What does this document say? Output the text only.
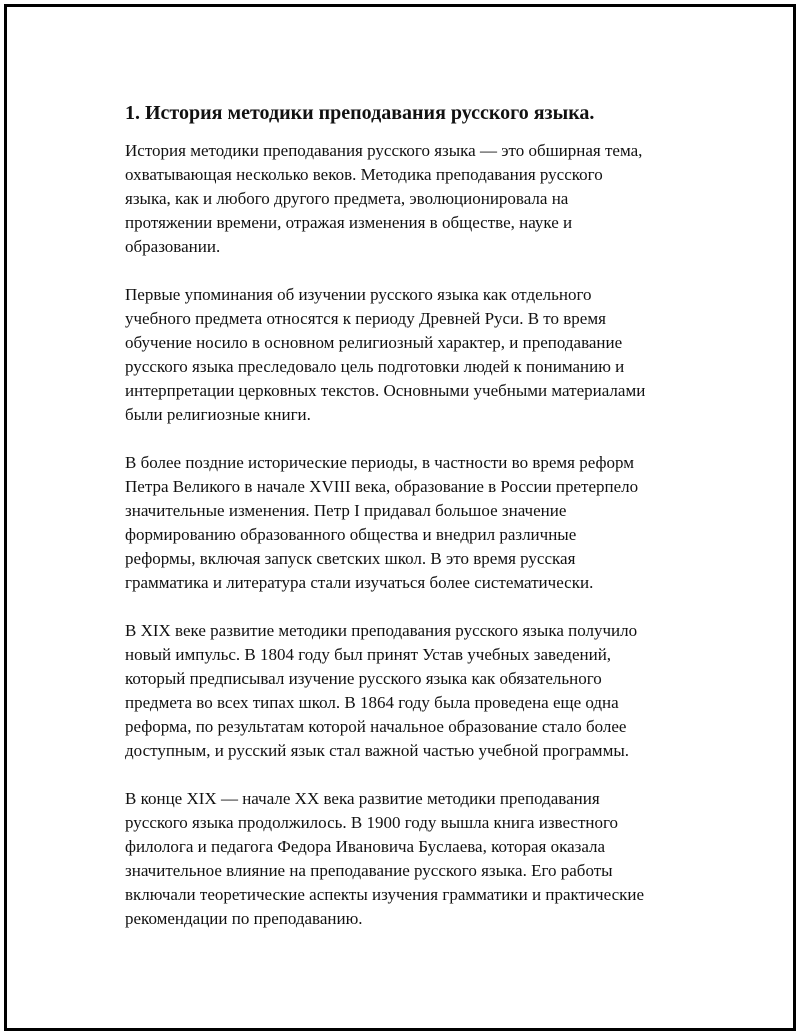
1. История методики преподавания русского языка.

История методики преподавания русского языка — это обширная тема,
охватывающая несколько веков. Методика преподавания русского
языка, как и любого другого предмета, эволюционировала на
протяжении времени, отражая изменения в обществе, науке и
образовании.

Первые упоминания об изучении русского языка как отдельного
учебного предмета относятся к периоду Древней Руси. В то время
обучение носило в основном религиозный характер, и преподавание
русского языка преследовало цель подготовки людей к пониманию и
интерпретации церковных текстов. Основными учебными материалами
были религиозные книги.

В более поздние исторические периоды, в частности во время реформ
Петра Великого в начале XVIII века, образование в России претерпело
значительные изменения. Петр I придавал большое значение
формированию образованного общества и внедрил различные
реформы, включая запуск светских школ. В это время русская
грамматика и литература стали изучаться более систематически.

В XIX веке развитие методики преподавания русского языка получило
новый импульс. В 1804 году был принят Устав учебных заведений,
который предписывал изучение русского языка как обязательного
предмета во всех типах школ. В 1864 году была проведена еще одна
реформа, по результатам которой начальное образование стало более
доступным, и русский язык стал важной частью учебной программы.

В конце XIX — начале XX века развитие методики преподавания
русского языка продолжилось. В 1900 году вышла книга известного
филолога и педагога Федора Ивановича Буслаева, которая оказала
значительное влияние на преподавание русского языка. Его работы
включали теоретические аспекты изучения грамматики и практические
рекомендации по преподаванию.
